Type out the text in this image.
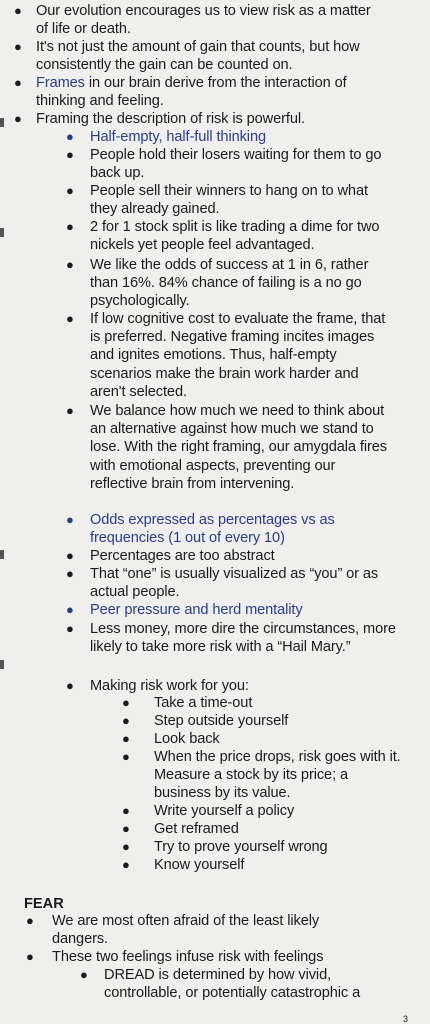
● Our evolution encourages us to view risk as a matter of life or death.
● It's not just the amount of gain that counts, but how consistently the gain can be counted on.
● Frames in our brain derive from the interaction of thinking and feeling.
● Framing the description of risk is powerful.
●	Half-empty, half-full thinking
●	People hold their losers waiting for them to go back up.
●	People sell their winners to hang on to what they already gained.
●	2 for 1 stock split is like trading a dime for two nickels yet people feel advantaged.
●	We like the odds of success at 1 in 6, rather than 16%. 84% chance of failing is a no go psychologically.
●	If low cognitive cost to evaluate the frame, that is preferred. Negative framing incites images and ignites emotions. Thus, half-empty scenarios make the brain work harder and aren't selected.
●	We balance how much we need to think about an alternative against how much we stand to lose. With the right framing, our amygdala fires with emotional aspects, preventing our reflective brain from intervening.
●	Odds expressed as percentages vs as frequencies (1 out of every 10)
●	Percentages are too abstract
●	That “one” is usually visualized as “you” or as actual people.
●	Peer pressure and herd mentality
●	Less money, more dire the circumstances, more likely to take more risk with a “Hail Mary.”
●	Making risk work for you:
●	Take a time-out
●	Step outside yourself
●	Look back
●	When the price drops, risk goes with it. Measure a stock by its price; a business by its value.
●	Write yourself a policy
●	Get reframed
●	Try to prove yourself wrong
●	Know yourself
FEAR
●	We are most often afraid of the least likely dangers.
●	These two feelings infuse risk with feelings
●	DREAD is determined by how vivid, controllable, or potentially catastrophic a
3
